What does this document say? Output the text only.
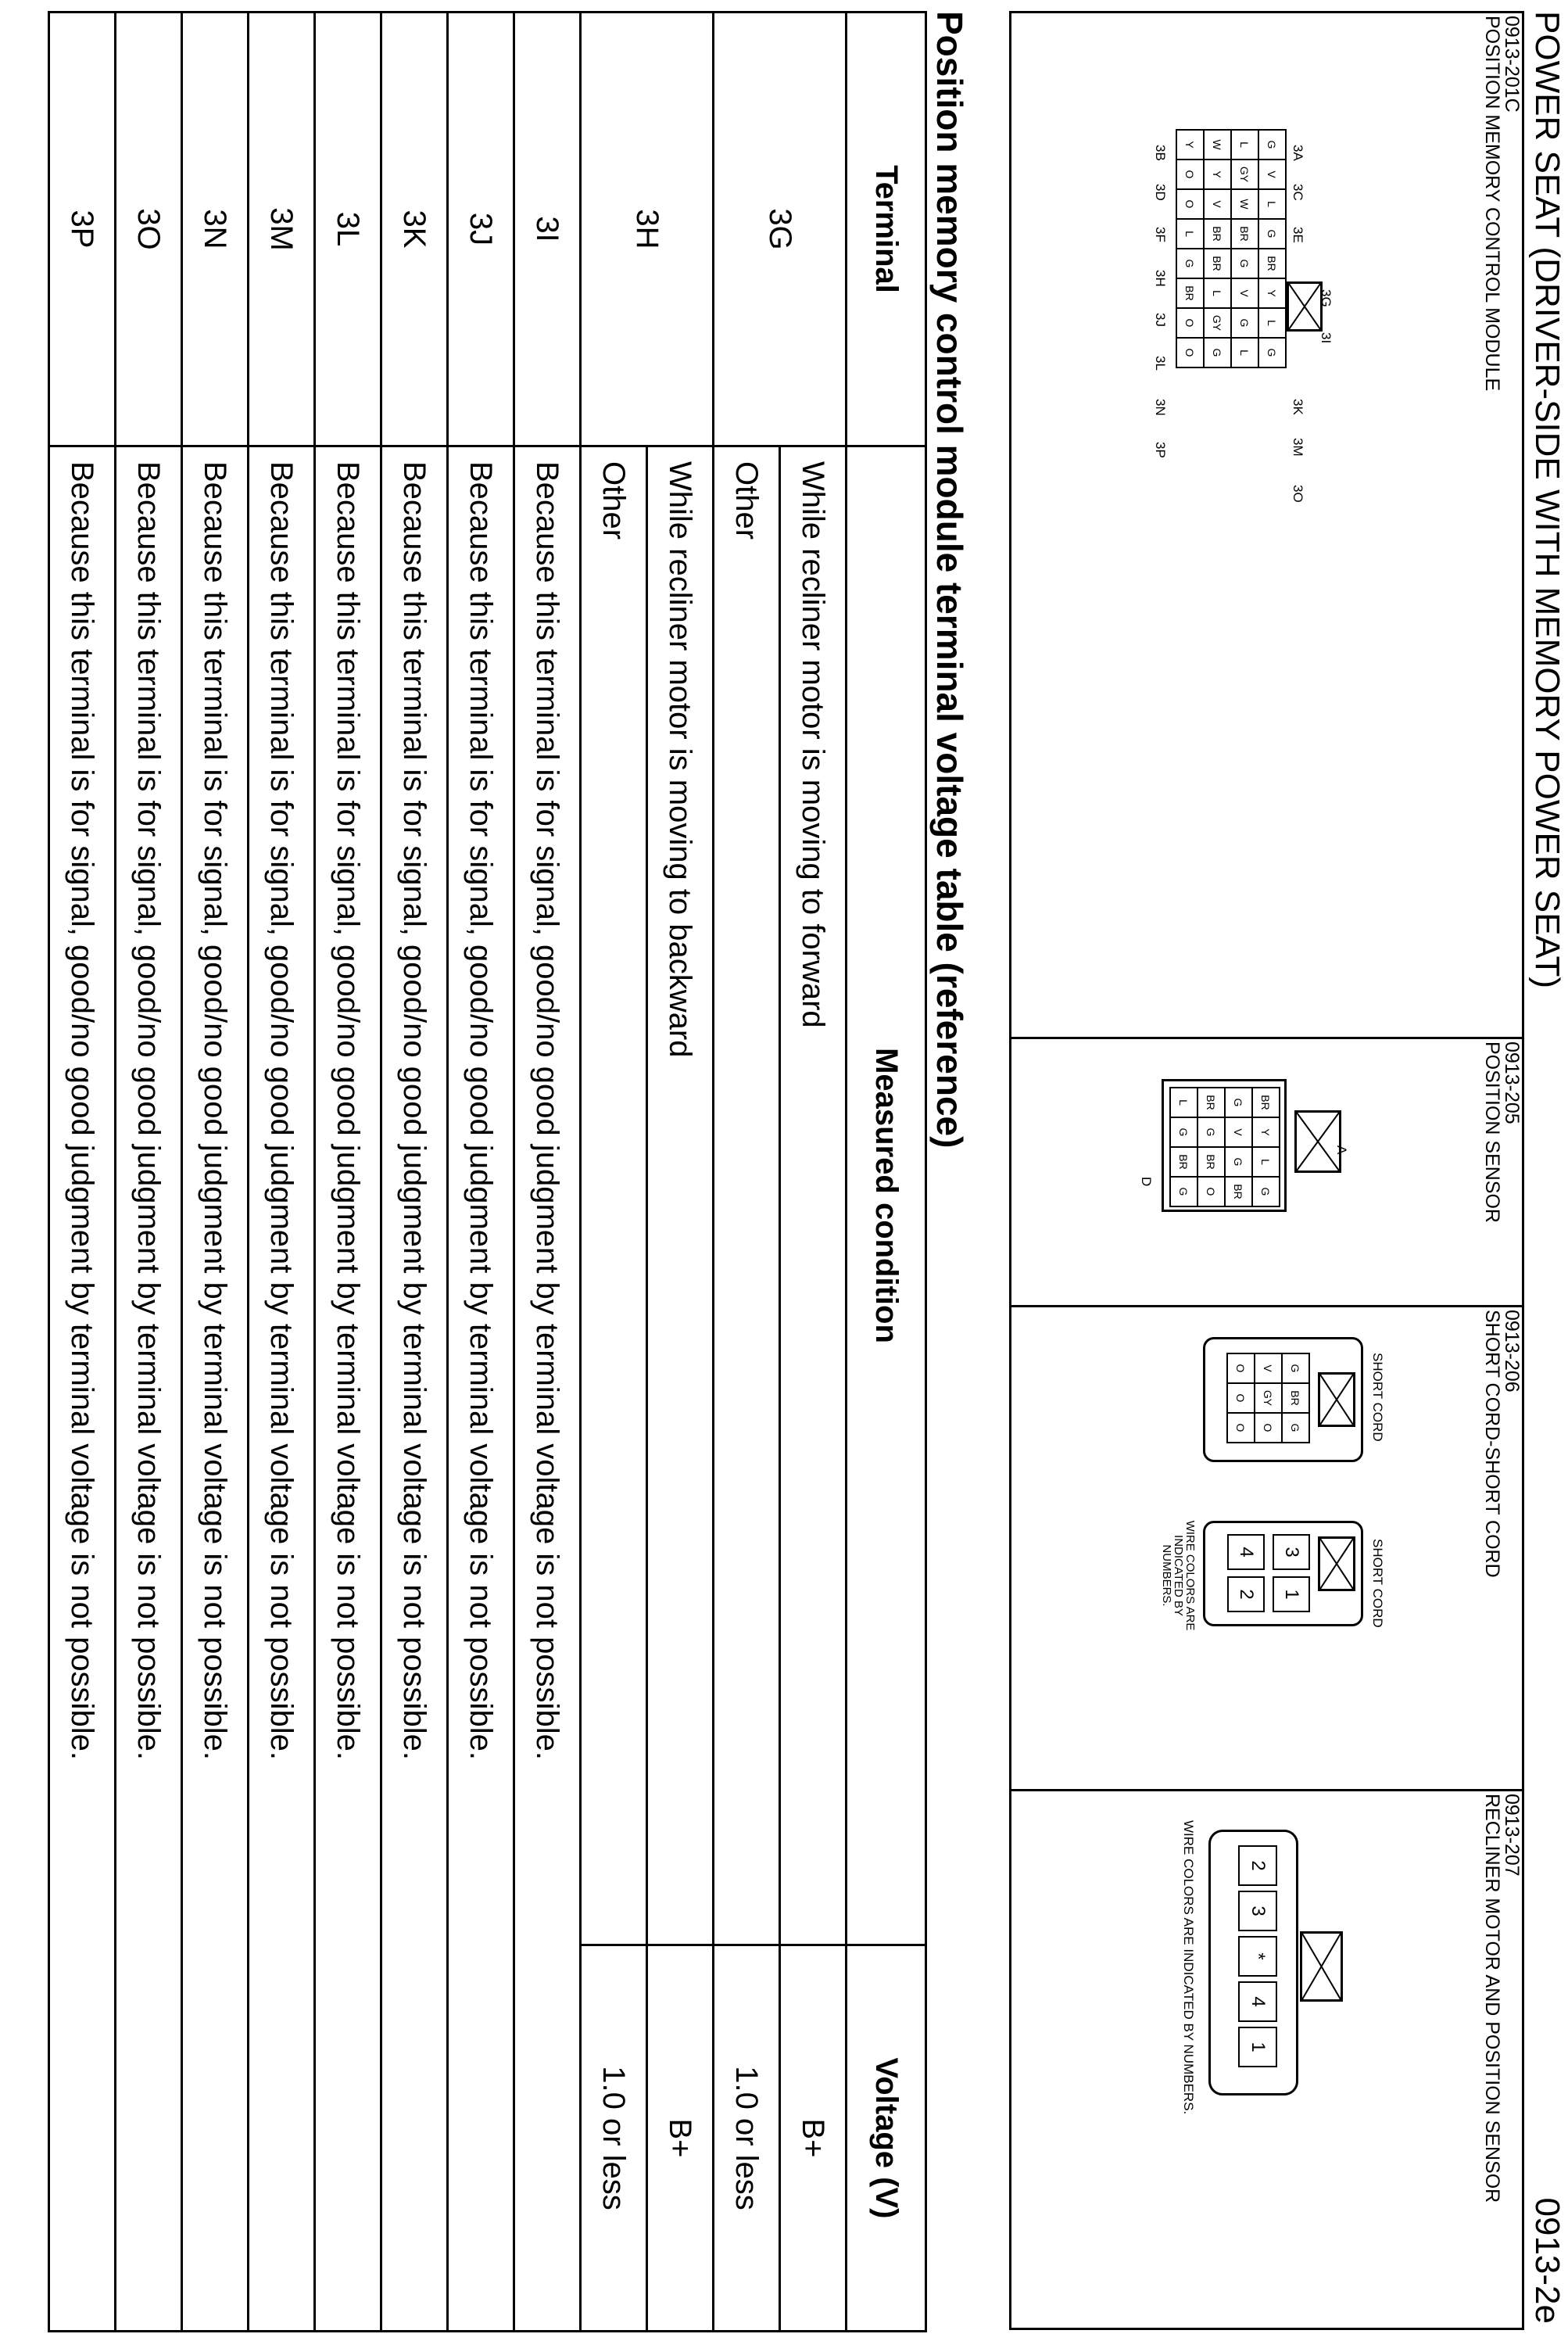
POWER SEAT (DRIVER-SIDE WITH MEMORY POWER SEAT)
0913-2e
0913-201C
POSITION MEMORY CONTROL MODULE
3A
3C
3E
3G
3I
3K
3M
3O
G	V	L	G	BR	Y	L	G
L	GY	W	BR	G	V	G	L
W	Y	V	BR	BR	L	GY	G
Y	O	O	L	G	BR	O	O
3B
3D
3F
3H
3J
3L
3N
3P
0913-205
POSITION SENSOR
A
BR	Y	L	G
G	V	G	BR
BR	G	BR	O
L	G	BR	G
D
0913-206
SHORT CORD-SHORT CORD
SHORT CORD
G	BR	G
V	GY	O
O	O	O
SHORT CORD
3
1
4
2
WIRE COLORS ARE
INDICATED BY
NUMBERS.
0913-207
RECLINER MOTOR AND POSITION SENSOR
2
3
*
4
1
WIRE COLORS ARE INDICATED BY NUMBERS.
Position memory control module terminal voltage table (reference)
Terminal	Measured condition	Voltage (V)
3G	While recliner motor is moving to forward	B+
	Other	1.0 or less
3H	While recliner motor is moving to backward	B+
	Other	1.0 or less
3I	Because this terminal is for signal, good/no good judgment by terminal voltage is not possible.	
3J	Because this terminal is for signal, good/no good judgment by terminal voltage is not possible.	
3K	Because this terminal is for signal, good/no good judgment by terminal voltage is not possible.	
3L	Because this terminal is for signal, good/no good judgment by terminal voltage is not possible.	
3M	Because this terminal is for signal, good/no good judgment by terminal voltage is not possible.	
3N	Because this terminal is for signal, good/no good judgment by terminal voltage is not possible.	
3O	Because this terminal is for signal, good/no good judgment by terminal voltage is not possible.	
3P	Because this terminal is for signal, good/no good judgment by terminal voltage is not possible.	
